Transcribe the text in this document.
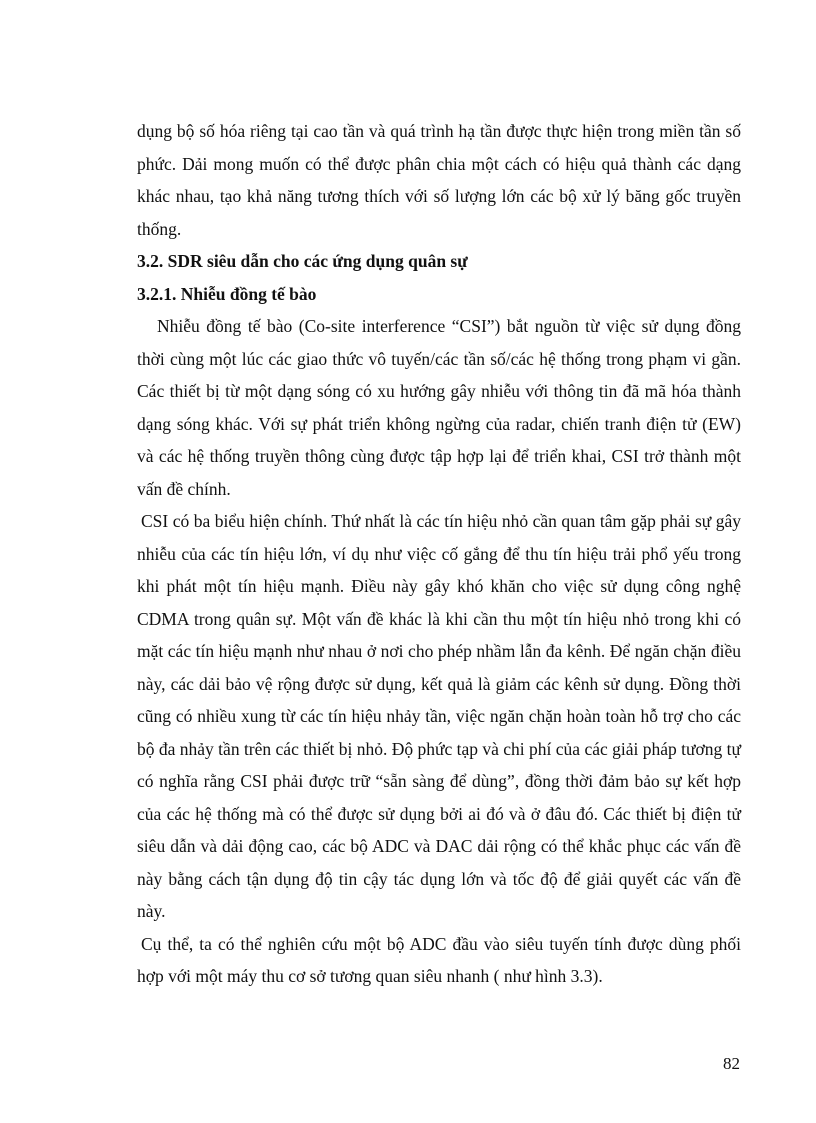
dụng bộ số hóa riêng tại cao tần và quá trình hạ tần được thực hiện trong miền tần số phức. Dải mong muốn có thể được phân chia một cách có hiệu quả thành các dạng khác nhau, tạo khả năng tương thích với số lượng lớn các bộ xử lý băng gốc truyền thống.

3.2. SDR siêu dẫn cho các ứng dụng quân sự

3.2.1. Nhiễu đồng tế bào

Nhiễu đồng tế bào (Co-site interference “CSI”) bắt nguồn từ việc sử dụng đồng thời cùng một lúc các giao thức vô tuyến/các tần số/các hệ thống trong phạm vi gần. Các thiết bị từ một dạng sóng có xu hướng gây nhiễu với thông tin đã mã hóa thành dạng sóng khác. Với sự phát triển không ngừng của radar, chiến tranh điện tử (EW) và các hệ thống truyền thông cùng được tập hợp lại để triển khai, CSI trở thành một vấn đề chính.

CSI có ba biểu hiện chính. Thứ nhất là các tín hiệu nhỏ cần quan tâm gặp phải sự gây nhiễu của các tín hiệu lớn, ví dụ như việc cố gắng để thu tín hiệu trải phổ yếu trong khi phát một tín hiệu mạnh. Điều này gây khó khăn cho việc sử dụng công nghệ CDMA trong quân sự. Một vấn đề khác là khi cần thu một tín hiệu nhỏ trong khi có mặt các tín hiệu mạnh như nhau ở nơi cho phép nhầm lẫn đa kênh. Để ngăn chặn điều này, các dải bảo vệ rộng được sử dụng, kết quả là giảm các kênh sử dụng. Đồng thời cũng có nhiều xung từ các tín hiệu nhảy tần, việc ngăn chặn hoàn toàn hỗ trợ cho các bộ đa nhảy tần trên các thiết bị nhỏ. Độ phức tạp và chi phí của các giải pháp tương tự có nghĩa rằng CSI phải được trữ “sẵn sàng để dùng”, đồng thời đảm bảo sự kết hợp của các hệ thống mà có thể được sử dụng bởi ai đó và ở đâu đó. Các thiết bị điện tử siêu dẫn và dải động cao, các bộ ADC và DAC dải rộng có thể khắc phục các vấn đề này bằng cách tận dụng độ tin cậy tác dụng lớn và tốc độ để giải quyết các vấn đề này.

Cụ thể, ta có thể nghiên cứu một bộ ADC đầu vào siêu tuyến tính được dùng phối hợp với một máy thu cơ sở tương quan siêu nhanh ( như hình 3.3).

82
